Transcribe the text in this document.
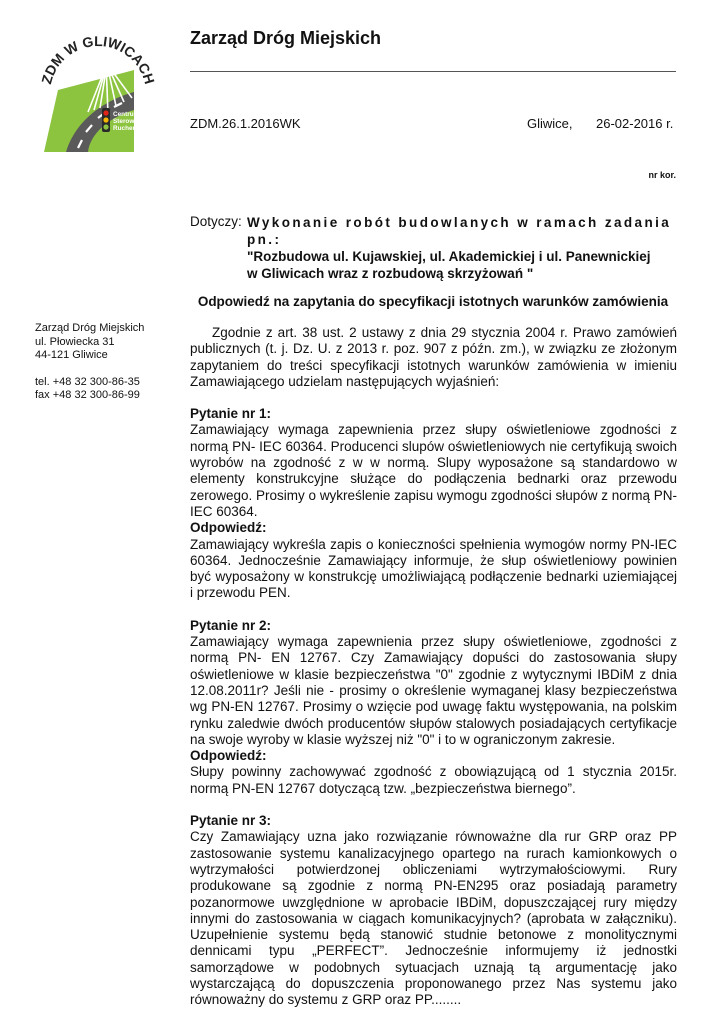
ZDM W GLIWICACH
Centrum
Sterowania
Ruchem
Zarząd Dróg Miejskich
ZDM.26.1.2016WK	Gliwice, 26-02-2016 r.
nr kor.
Dotyczy: Wykonanie robót budowlanych w ramach zadania pn.:
"Rozbudowa ul. Kujawskiej, ul. Akademickiej i ul. Panewnickiej
w Gliwicach wraz z rozbudową skrzyżowań "
Odpowiedź na zapytania do specyfikacji istotnych warunków zamówienia
Zarząd Dróg Miejskich
ul. Płowiecka 31
44-121 Gliwice
tel. +48 32 300-86-35
fax +48 32 300-86-99

Zgodnie z art. 38 ust. 2 ustawy z dnia 29 stycznia 2004 r. Prawo zamówień publicznych (t. j. Dz. U. z 2013 r. poz. 907 z późn. zm.), w związku ze złożonym zapytaniem do treści specyfikacji istotnych warunków zamówienia w imieniu Zamawiającego udzielam następujących wyjaśnień:

Pytanie nr 1:

Zamawiający wymaga zapewnienia przez słupy oświetleniowe zgodności z normą PN- IEC 60364. Producenci slupów oświetleniowych nie certyfikują swoich wyrobów na zgodność z w w normą. Slupy wyposażone są standardowo w elementy konstrukcyjne służące do podłączenia bednarki oraz przewodu zerowego. Prosimy o wykreślenie zapisu wymogu zgodności słupów z normą PN-IEC 60364.

Odpowiedź:

Zamawiający wykreśla zapis o konieczności spełnienia wymogów normy PN-IEC 60364. Jednocześnie Zamawiający informuje, że słup oświetleniowy powinien być wyposażony w konstrukcję umożliwiającą podłączenie bednarki uziemiającej i przewodu PEN.

Pytanie nr 2:

Zamawiający wymaga zapewnienia przez słupy oświetleniowe, zgodności z normą PN- EN 12767. Czy Zamawiający dopuści do zastosowania słupy oświetleniowe w klasie bezpieczeństwa "0" zgodnie z wytycznymi IBDiM z dnia 12.08.2011r? Jeśli nie - prosimy o określenie wymaganej klasy bezpieczeństwa wg PN-EN 12767. Prosimy o wzięcie pod uwagę faktu występowania, na polskim rynku zaledwie dwóch producentów słupów stalowych posiadających certyfikacje na swoje wyroby w klasie wyższej niż "0" i to w ograniczonym zakresie.

Odpowiedź:

Słupy powinny zachowywać zgodność z obowiązującą od 1 stycznia 2015r. normą PN-EN 12767 dotyczącą tzw. „bezpieczeństwa biernego”.

Pytanie nr 3:

Czy Zamawiający uzna jako rozwiązanie równoważne dla rur GRP oraz PP zastosowanie systemu kanalizacyjnego opartego na rurach kamionkowych o wytrzymałości potwierdzonej obliczeniami wytrzymałościowymi. Rury produkowane są zgodnie z normą PN-EN295 oraz posiadają parametry pozanormowe uwzględnione w aprobacie IBDiM, dopuszczającej rury między innymi do zastosowania w ciągach komunikacyjnych? (aprobata w załączniku). Uzupełnienie systemu będą stanowić studnie betonowe z monolitycznymi dennicami typu „PERFECT”. Jednocześnie informujemy iż jednostki samorządowe w podobnych sytuacjach uznają tą argumentację jako wystarczającą do dopuszczenia proponowanego przez Nas systemu jako równoważny do systemu z GRP oraz PP........
